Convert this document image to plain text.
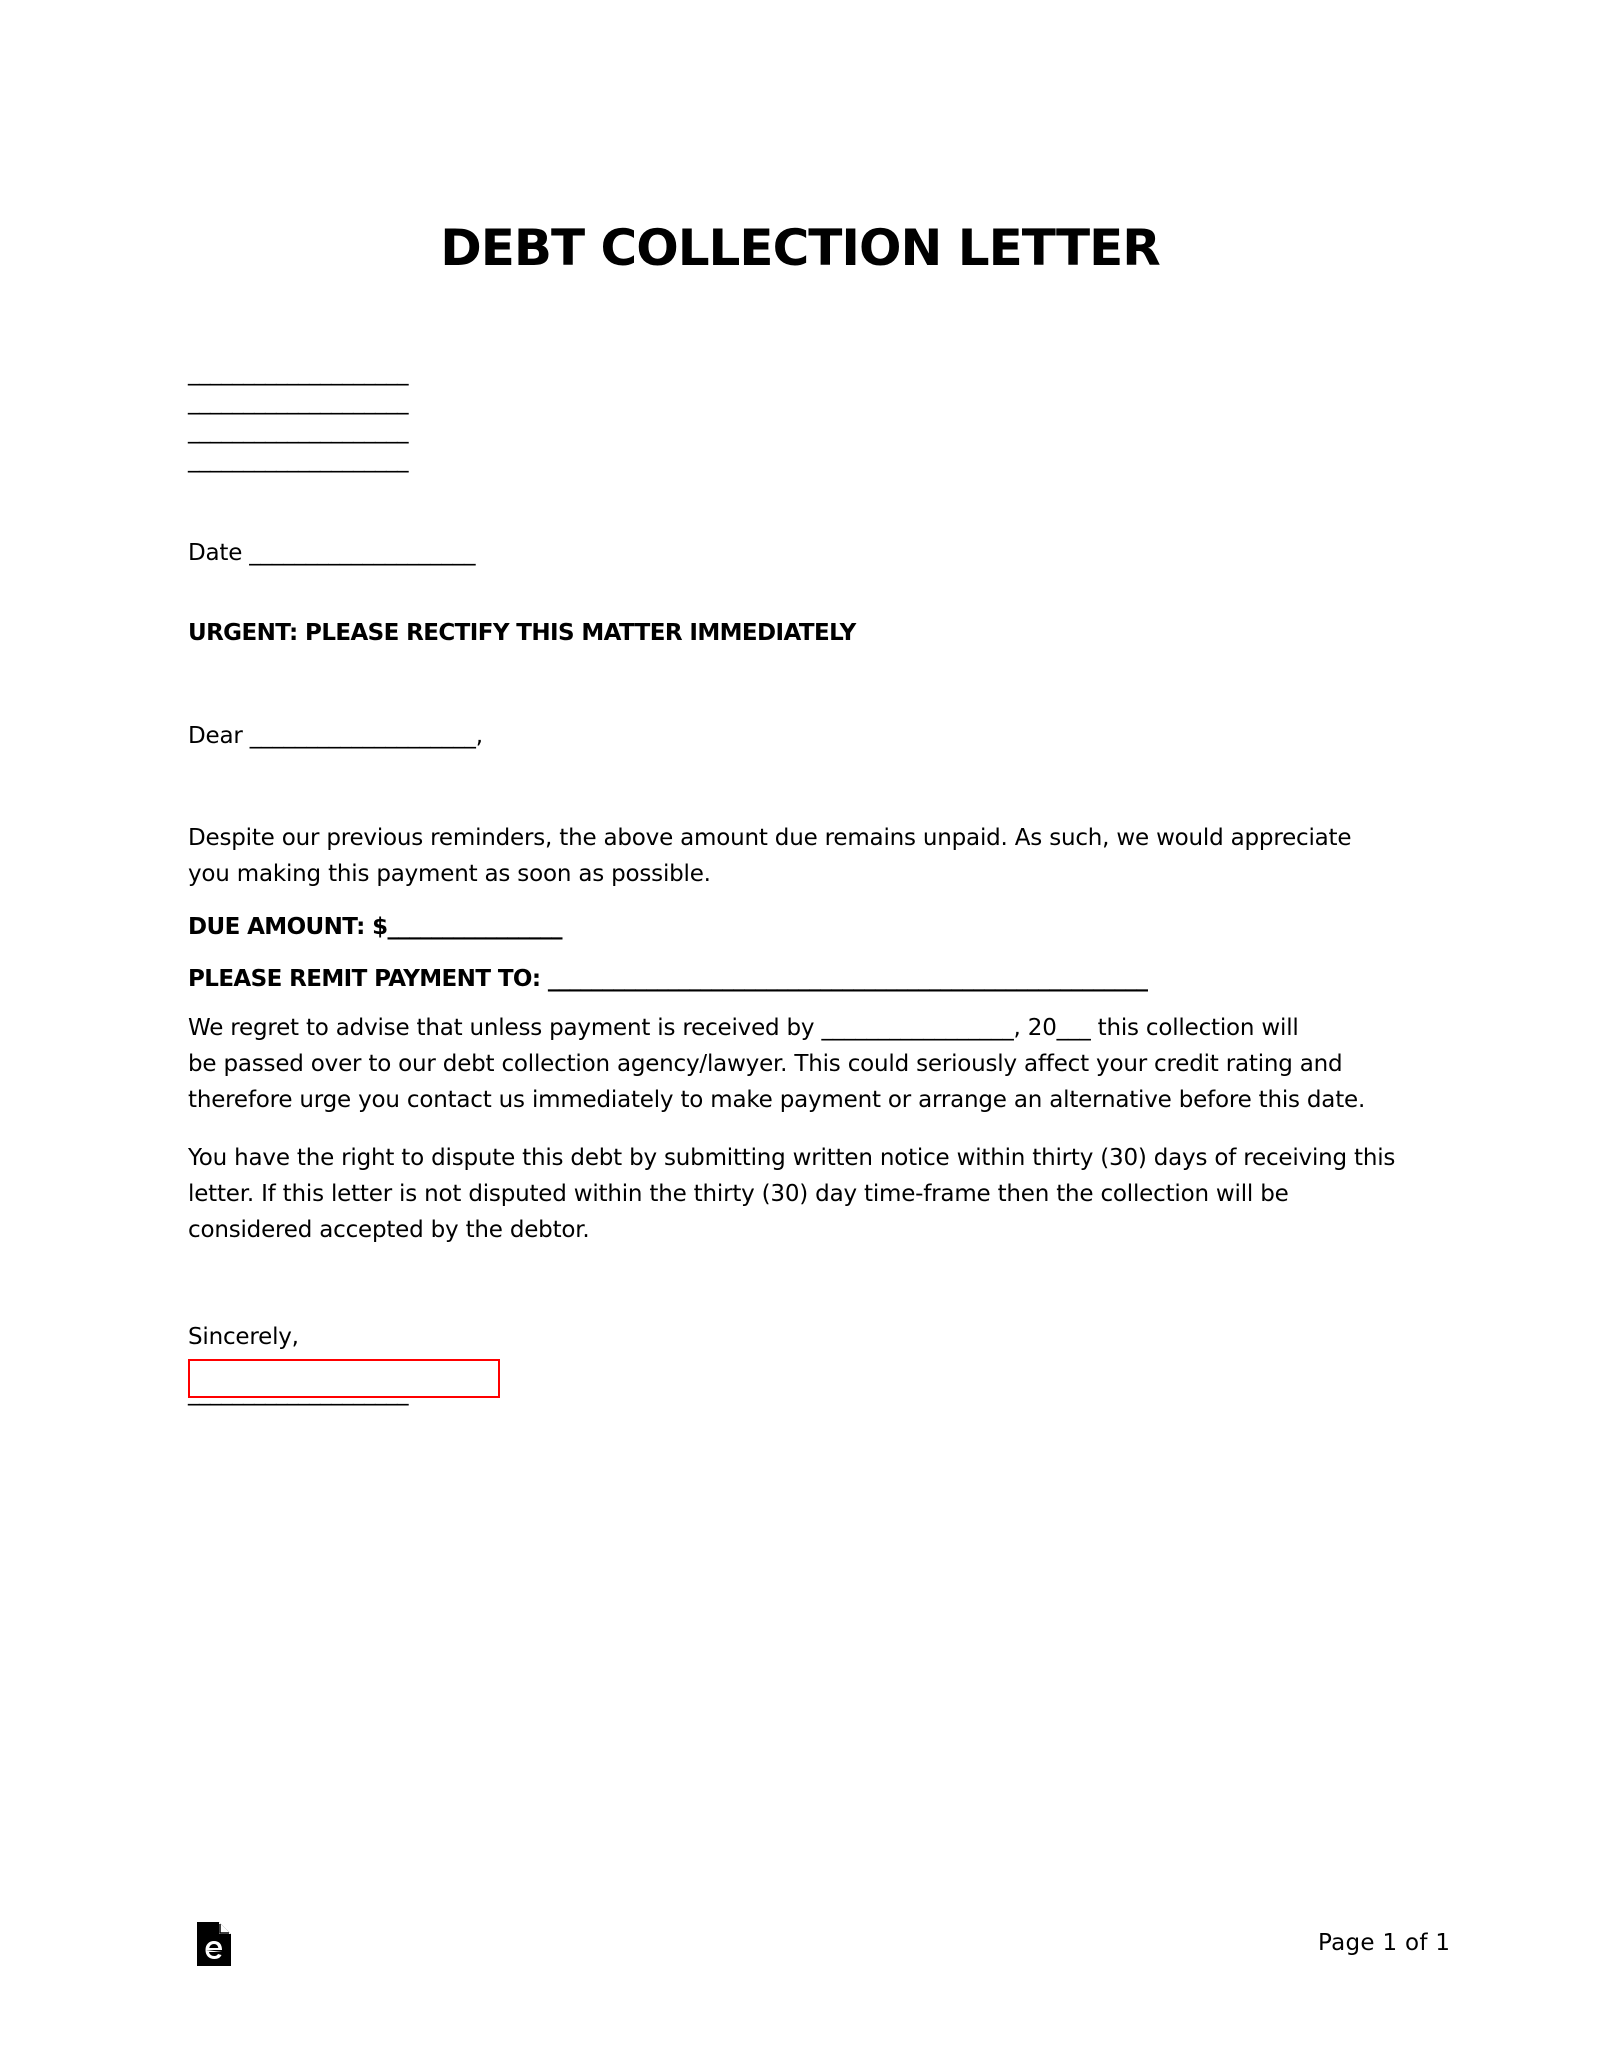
DEBT COLLECTION LETTER
____________________
____________________
____________________
____________________
Date ____________________
URGENT: PLEASE RECTIFY THIS MATTER IMMEDIATELY
Dear ____________________,

Despite our previous reminders, the above amount due remains unpaid. As such, we would appreciate

you making this payment as soon as possible.

DUE AMOUNT: $________________
PLEASE REMIT PAYMENT TO: _______________________________________________________

We regret to advise that unless payment is received by _________________, 20___ this collection will

be passed over to our debt collection agency/lawyer. This could seriously affect your credit rating and

therefore urge you contact us immediately to make payment or arrange an alternative before this date.

You have the right to dispute this debt by submitting written notice within thirty (30) days of receiving this

letter. If this letter is not disputed within the thirty (30) day time-frame then the collection will be

considered accepted by the debtor.

Sincerely,
____________________
Page 1 of 1
